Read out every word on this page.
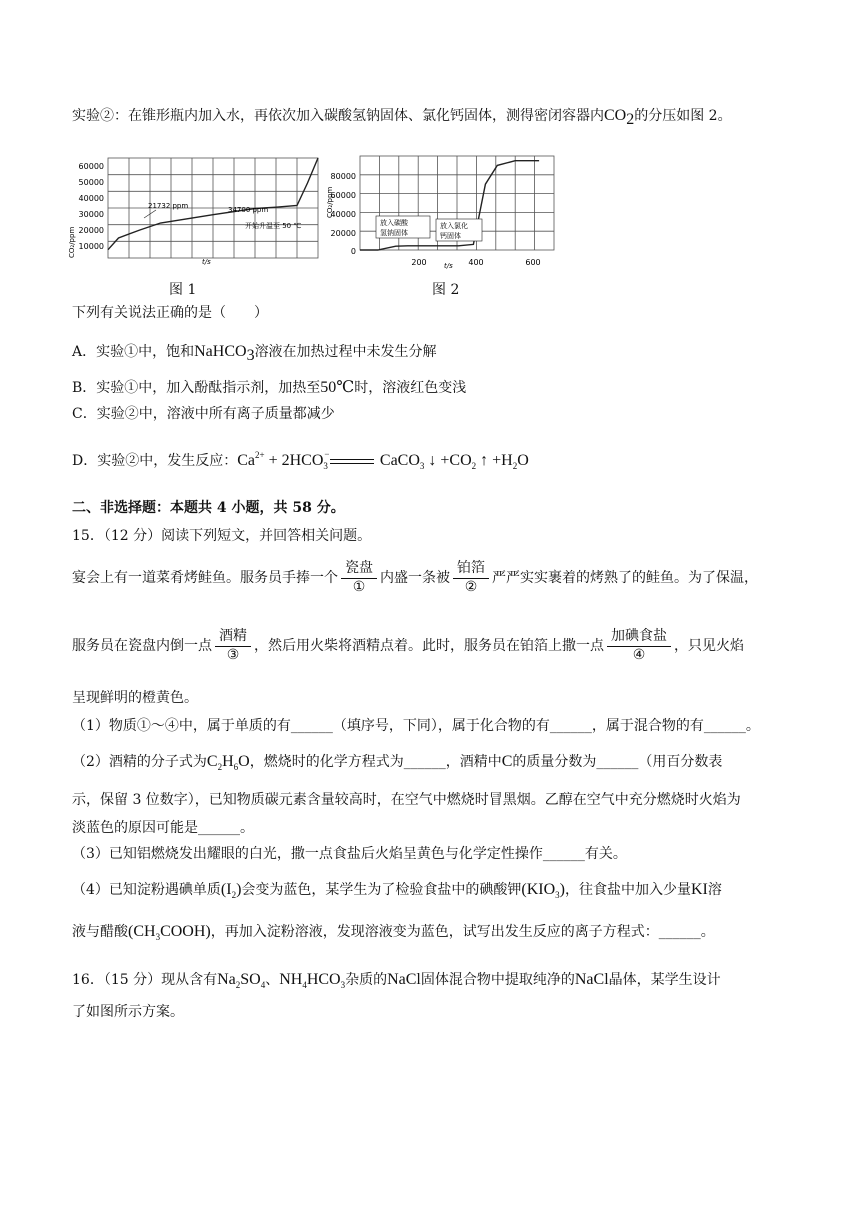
实验②：在锥形瓶内加入水，再依次加入碳酸氢钠固体、氯化钙固体，测得密闭容器内CO2的分压如图 2。
CO₂/ppm
60000
50000
40000
30000
20000
10000
21732 ppm	34700 ppm
开始升温至 50 ℃
t/s
图 1
CO₂/ppm
80000
60000
40000
20000
0
放入碳酸
氢钠固体
放入氯化
钙固体
200	400	600
t/s
图 2
下列有关说法正确的是（　　）
A．实验①中，饱和NaHCO3溶液在加热过程中未发生分解
B．实验①中，加入酚酞指示剂，加热至50℃时，溶液红色变浅
C．实验②中，溶液中所有离子质量都减少
D．实验②中，发生反应：$Ca^{2+} + 2HCO$ −
$_3$	CaCO$_3$ ↓ $+CO_2$ ↑ $+H_2O$
二、非选择题：本题共 4 小题，共 58 分。
15．（12 分）阅读下列短文，并回答相关问题。
宴会上有一道菜肴烤鲑鱼。服务员手捧一个 $\frac{\text{瓷盘}}{\text{①}}$ 内盛一条被 $\frac{\text{铂箔}}{\text{②}}$ 严严实实裹着的烤熟了的鲑鱼。为了保温，
服务员在瓷盘内倒一点 $\frac{\text{酒精}}{\text{③}}$ ，然后用火柴将酒精点着。此时，服务员在铂箔上撒一点 $\frac{\text{加碘食盐}}{\text{④}}$ ，只见火焰
呈现鲜明的橙黄色。
（1）物质①～④中，属于单质的有______（填序号，下同），属于化合物的有______，属于混合物的有______。
（2）酒精的分子式为$C_2H_6O$，燃烧时的化学方程式为______，酒精中C的质量分数为______（用百分数表
示，保留 3 位数字），已知物质碳元素含量较高时，在空气中燃烧时冒黑烟。乙醇在空气中充分燃烧时火焰为
淡蓝色的原因可能是______。
（3）已知铝燃烧发出耀眼的白光，撒一点食盐后火焰呈黄色与化学定性操作______有关。
（4）已知淀粉遇碘单质$(I_2)$会变为蓝色，某学生为了检验食盐中的碘酸钾$(KIO_3)$，往食盐中加入少量KI溶
液与醋酸$(CH_3COOH)$，再加入淀粉溶液，发现溶液变为蓝色，试写出发生反应的离子方程式：______。
16．（15 分）现从含有$Na_2SO_4$、$NH_4HCO_3$杂质的NaCl固体混合物中提取纯净的NaCl晶体，某学生设计
了如图所示方案。
